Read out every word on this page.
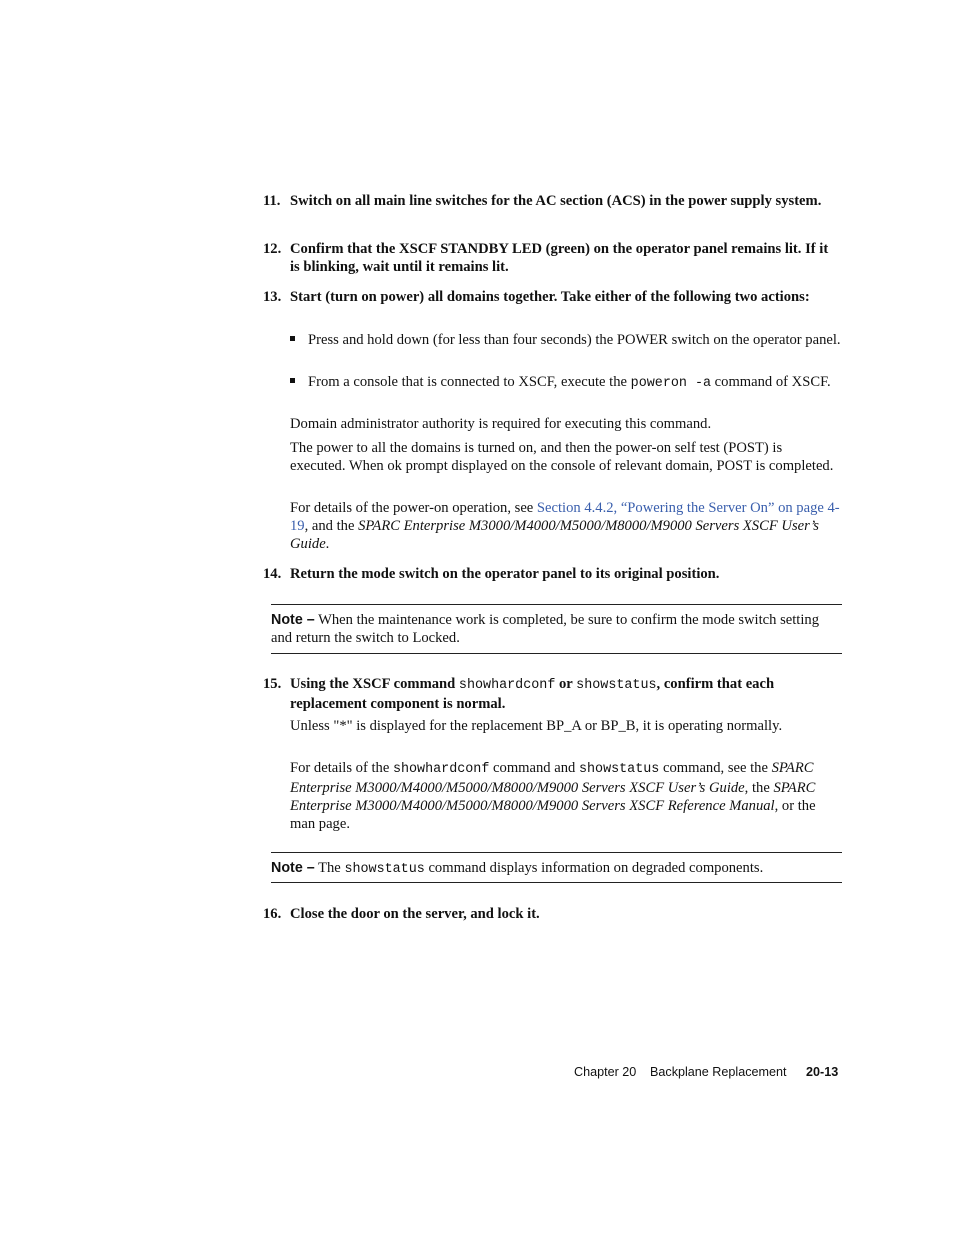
11. Switch on all main line switches for the AC section (ACS) in the power supply system.
12. Confirm that the XSCF STANDBY LED (green) on the operator panel remains lit. If it is blinking, wait until it remains lit.
13. Start (turn on power) all domains together. Take either of the following two actions:
Press and hold down (for less than four seconds) the POWER switch on the operator panel.
From a console that is connected to XSCF, execute the poweron -a command of XSCF.
Domain administrator authority is required for executing this command.
The power to all the domains is turned on, and then the power-on self test (POST) is executed. When ok prompt displayed on the console of relevant domain, POST is completed.
For details of the power-on operation, see Section 4.4.2, “Powering the Server On” on page 4-19, and the SPARC Enterprise M3000/M4000/M5000/M8000/M9000 Servers XSCF User’s Guide.
14. Return the mode switch on the operator panel to its original position.
Note – When the maintenance work is completed, be sure to confirm the mode switch setting and return the switch to Locked.
15. Using the XSCF command showhardconf or showstatus, confirm that each replacement component is normal.
Unless "*" is displayed for the replacement BP_A or BP_B, it is operating normally.
For details of the showhardconf command and showstatus command, see the SPARC Enterprise M3000/M4000/M5000/M8000/M9000 Servers XSCF User’s Guide, the SPARC Enterprise M3000/M4000/M5000/M8000/M9000 Servers XSCF Reference Manual, or the man page.
Note – The showstatus command displays information on degraded components.
16. Close the door on the server, and lock it.
Chapter 20 Backplane Replacement 20-13
